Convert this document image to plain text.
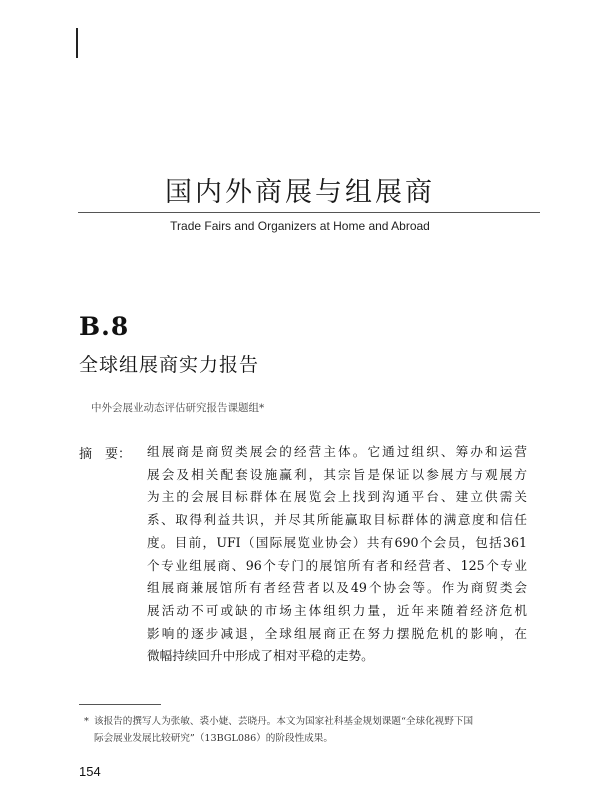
国内外商展与组展商
Trade Fairs and Organizers at Home and Abroad
B.8
全球组展商实力报告
中外会展业动态评估研究报告课题组*
摘　要：	组展商是商贸类展会的经营主体。它通过组织、筹办和运营
展会及相关配套设施赢利，其宗旨是保证以参展方与观展方
为主的会展目标群体在展览会上找到沟通平台、建立供需关
系、取得利益共识，并尽其所能赢取目标群体的满意度和信任
度。目前，UFI（国际展览业协会）共有690个会员，包括361
个专业组展商、96个专门的展馆所有者和经营者、125个专业
组展商兼展馆所有者经营者以及49个协会等。作为商贸类会
展活动不可或缺的市场主体组织力量，近年来随着经济危机
影响的逐步减退，全球组展商正在努力摆脱危机的影响，在
微幅持续回升中形成了相对平稳的走势。
* 该报告的撰写人为张敏、裘小婕、芸晓丹。本文为国家社科基金规划课题“全球化视野下国
际会展业发展比较研究”（13BGL086）的阶段性成果。
154
